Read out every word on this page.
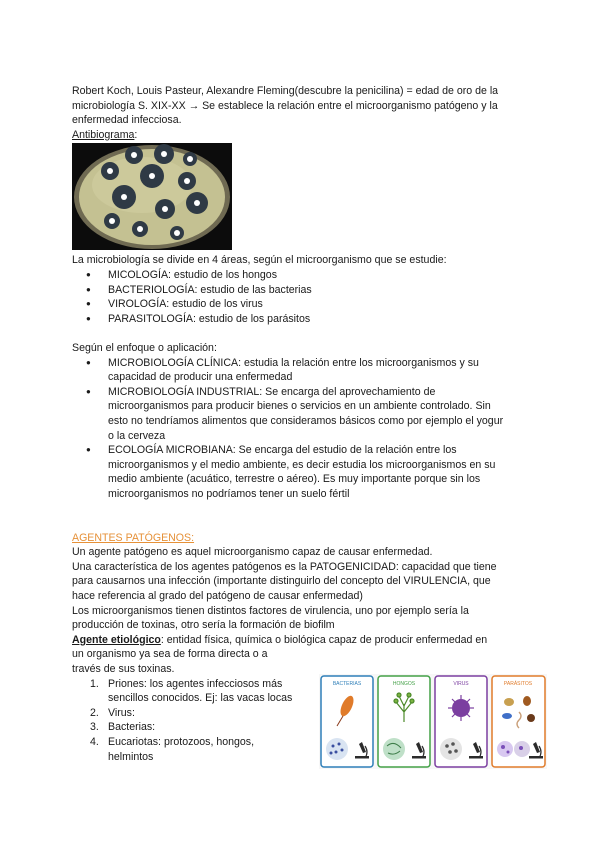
Robert Koch, Louis Pasteur, Alexandre Fleming(descubre la penicilina) = edad de oro de la

microbiología S. XIX-XX → Se establece la relación entre el microorganismo patógeno y la

enfermedad infecciosa.

Antibiograma:

La microbiología se divide en 4 áreas, según el microorganismo que se estudie:

● MICOLOGÍA: estudio de los hongos
● BACTERIOLOGÍA: estudio de las bacterias
● VIROLOGÍA: estudio de los virus
● PARASITOLOGÍA: estudio de los parásitos

Según el enfoque o aplicación:

● MICROBIOLOGÍA CLÍNICA: estudia la relación entre los microorganismos y su
capacidad de producir una enfermedad
● MICROBIOLOGÍA INDUSTRIAL: Se encarga del aprovechamiento de
microorganismos para producir bienes o servicios en un ambiente controlado. Sin
esto no tendríamos alimentos que consideramos básicos como por ejemplo el yogur
o la cerveza
● ECOLOGÍA MICROBIANA: Se encarga del estudio de la relación entre los
microorganismos y el medio ambiente, es decir estudia los microorganismos en su
medio ambiente (acuático, terrestre o aéreo). Es muy importante porque sin los
microorganismos no podríamos tener un suelo fértil

AGENTES PATÓGENOS:

Un agente patógeno es aquel microorganismo capaz de causar enfermedad.

Una característica de los agentes patógenos es la PATOGENICIDAD: capacidad que tiene

para causarnos una infección (importante distinguirlo del concepto del VIRULENCIA, que

hace referencia al grado del patógeno de causar enfermedad)

Los microorganismos tienen distintos factores de virulencia, uno por ejemplo sería la

producción de toxinas, otro sería la formación de biofilm

Agente etiológico: entidad física, química o biológica capaz de producir enfermedad en

un organismo ya sea de forma directa o a

través de sus toxinas.

1. Priones: los agentes infecciosos más
sencillos conocidos. Ej: las vacas locas
2. Virus:
3. Bacterias:
4. Eucariotas: protozoos, hongos,
helmintos
BACTERIAS	HONGOS	VIRUS	PARÁSITOS
